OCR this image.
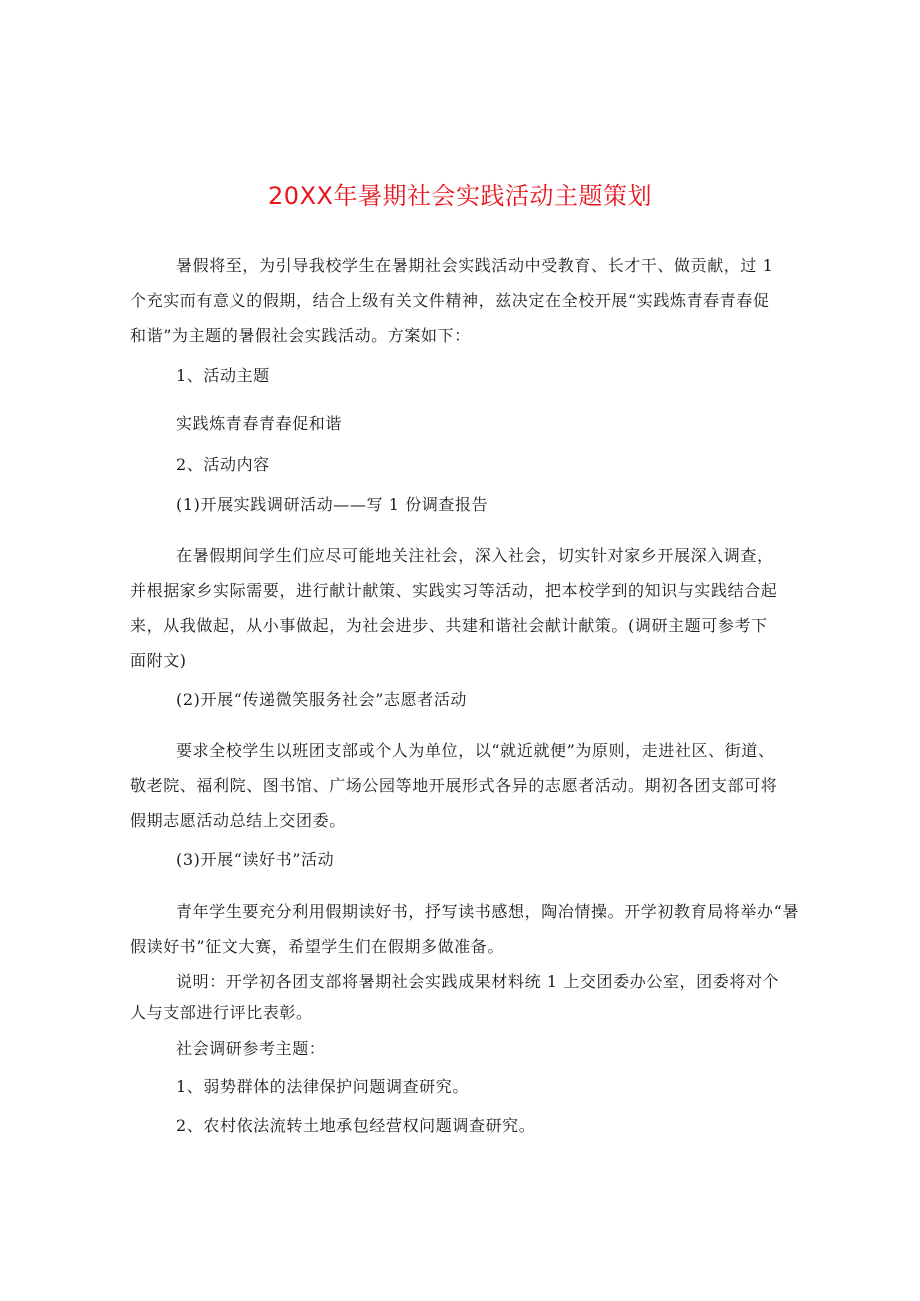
20XX年暑期社会实践活动主题策划
暑假将至，为引导我校学生在暑期社会实践活动中受教育、长才干、做贡献，过 1
个充实而有意义的假期，结合上级有关文件精神，兹决定在全校开展“实践炼青春青春促
和谐”为主题的暑假社会实践活动。方案如下：
1、活动主题
实践炼青春青春促和谐
2、活动内容
(1)开展实践调研活动——写 1 份调查报告
在暑假期间学生们应尽可能地关注社会，深入社会，切实针对家乡开展深入调查，
并根据家乡实际需要，进行献计献策、实践实习等活动，把本校学到的知识与实践结合起
来，从我做起，从小事做起，为社会进步、共建和谐社会献计献策。(调研主题可参考下
面附文)
(2)开展“传递微笑服务社会”志愿者活动
要求全校学生以班团支部或个人为单位，以“就近就便”为原则，走进社区、街道、
敬老院、福利院、图书馆、广场公园等地开展形式各异的志愿者活动。期初各团支部可将
假期志愿活动总结上交团委。
(3)开展“读好书”活动
青年学生要充分利用假期读好书，抒写读书感想，陶冶情操。开学初教育局将举办“暑
假读好书”征文大赛，希望学生们在假期多做准备。
说明：开学初各团支部将暑期社会实践成果材料统 1 上交团委办公室，团委将对个
人与支部进行评比表彰。
社会调研参考主题：
1、弱势群体的法律保护问题调查研究。
2、农村依法流转土地承包经营权问题调查研究。
